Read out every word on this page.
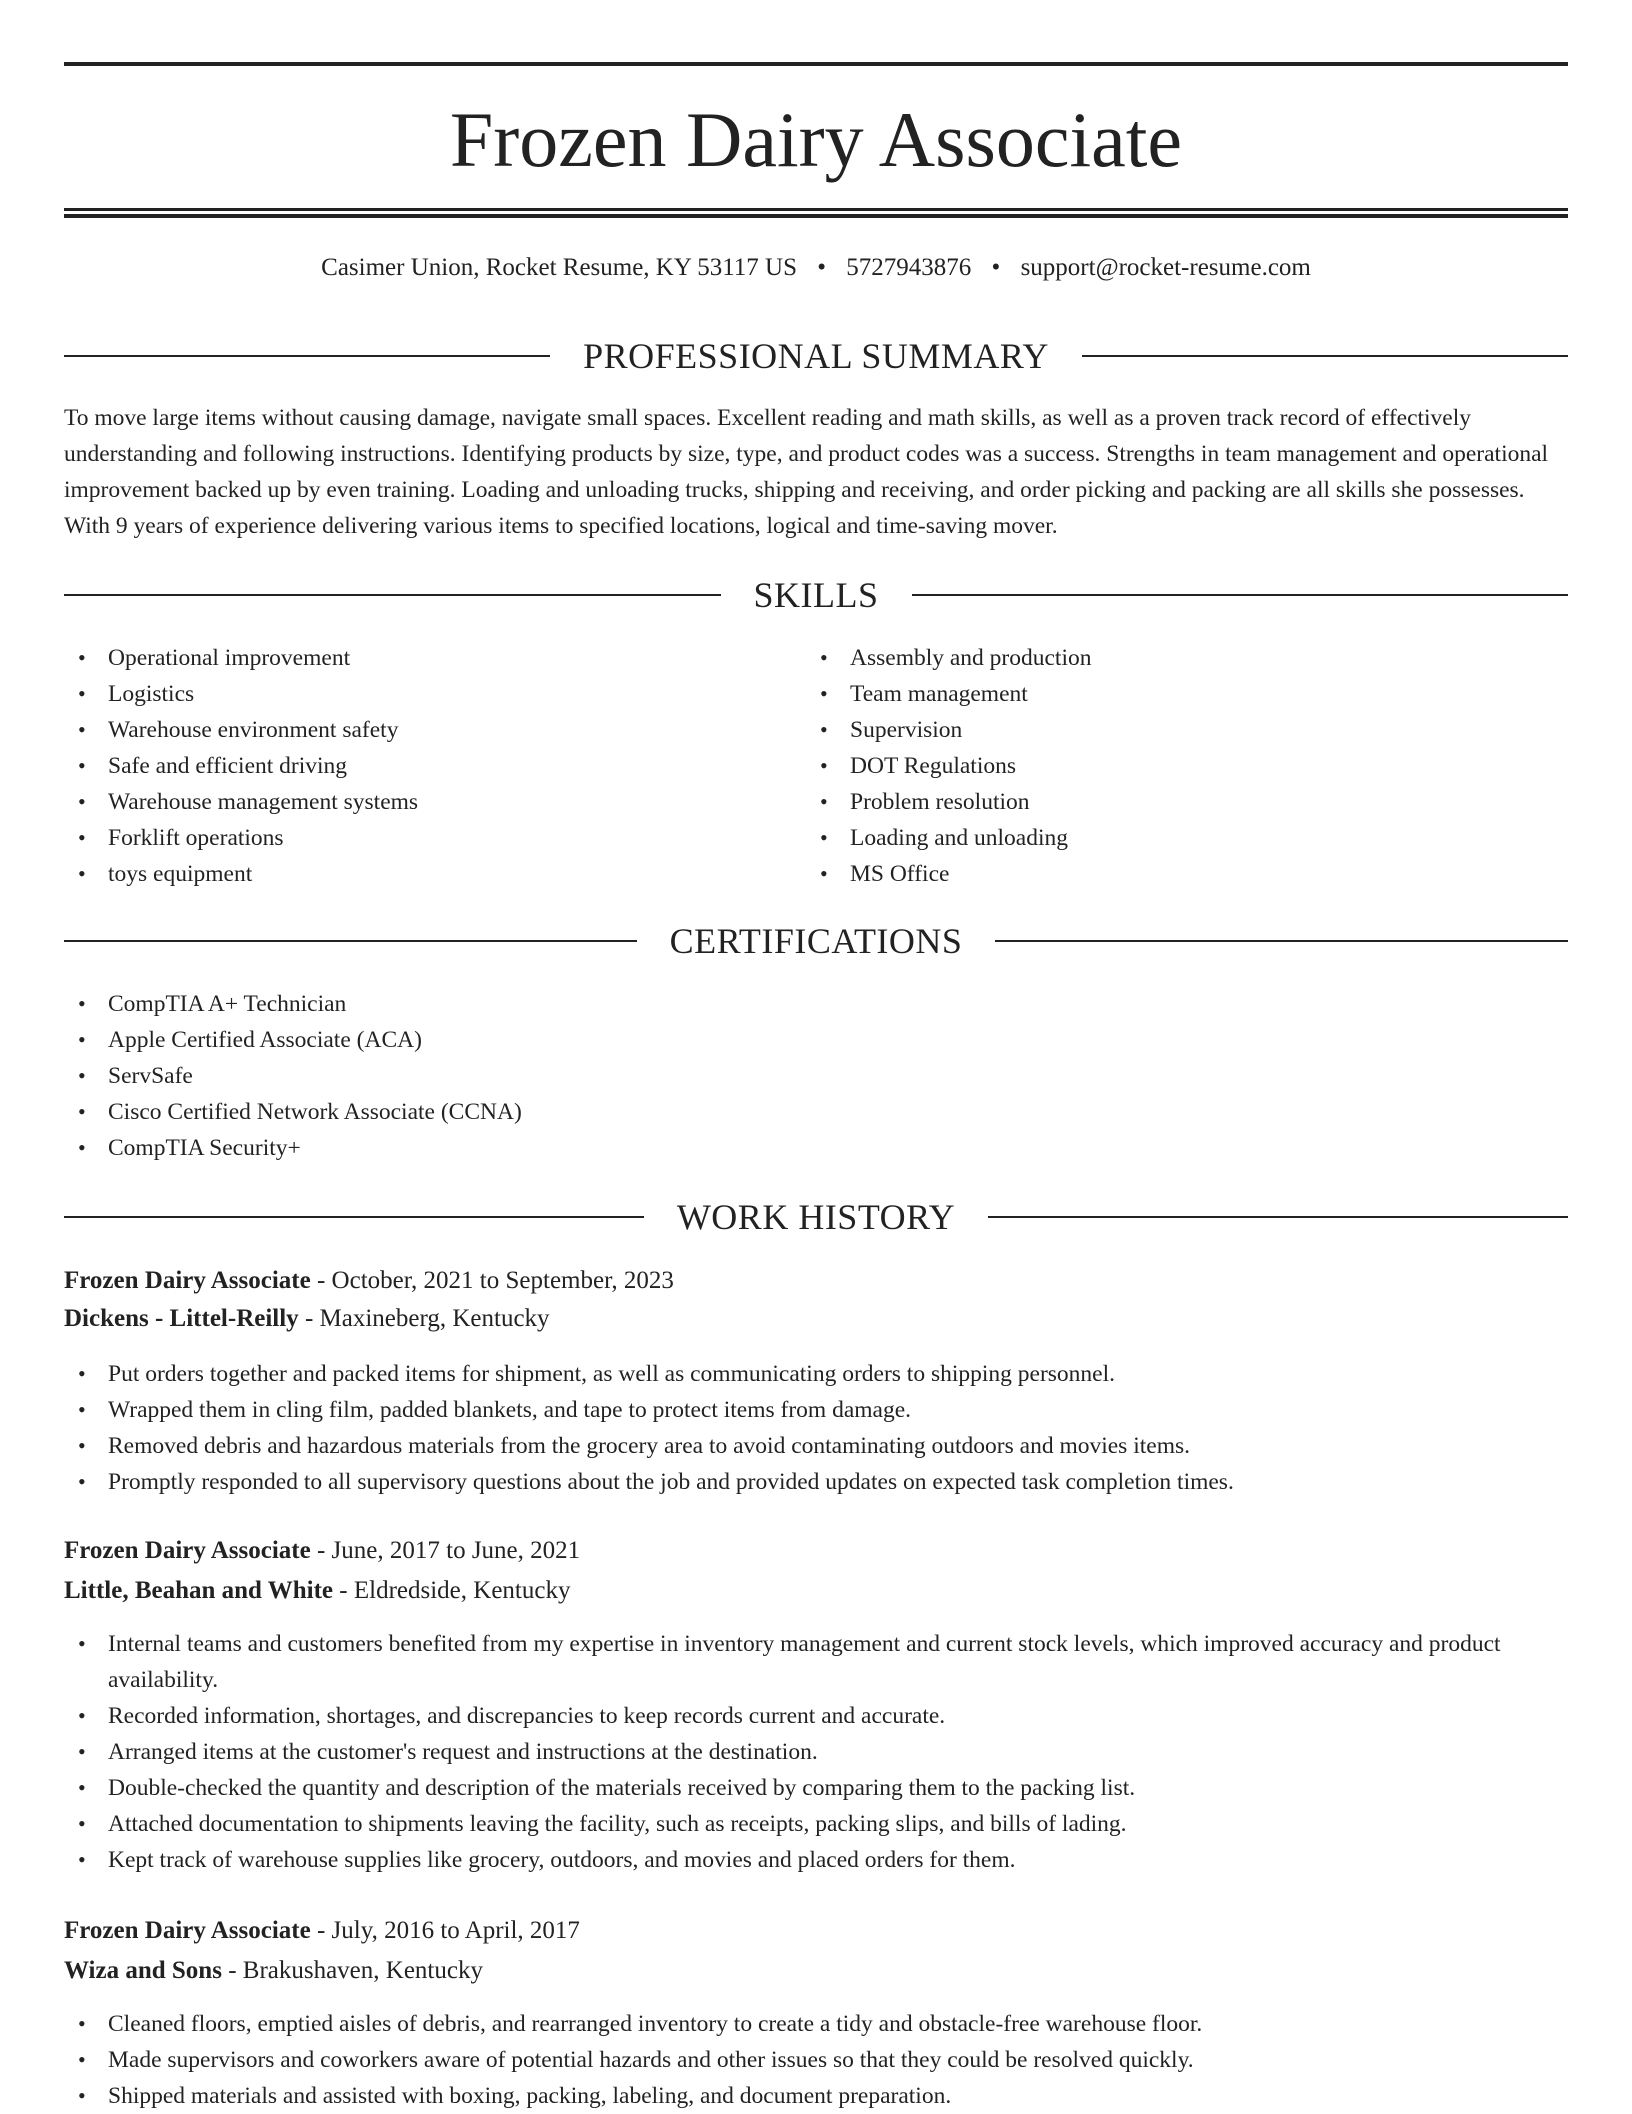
Frozen Dairy Associate
Casimer Union, Rocket Resume, KY 53117 US • 5727943876 • support@rocket-resume.com
PROFESSIONAL SUMMARY

To move large items without causing damage, navigate small spaces. Excellent reading and math skills, as well as a proven track record of effectively understanding and following instructions. Identifying products by size, type, and product codes was a success. Strengths in team management and operational improvement backed up by even training. Loading and unloading trucks, shipping and receiving, and order picking and packing are all skills she possesses. With 9 years of experience delivering various items to specified locations, logical and time-saving mover.

SKILLS
• Operational improvement
• Logistics
• Warehouse environment safety
• Safe and efficient driving
• Warehouse management systems
• Forklift operations
• toys equipment
• Assembly and production
• Team management
• Supervision
• DOT Regulations
• Problem resolution
• Loading and unloading
• MS Office
CERTIFICATIONS
• CompTIA A+ Technician
• Apple Certified Associate (ACA)
• ServSafe
• Cisco Certified Network Associate (CCNA)
• CompTIA Security+
WORK HISTORY
Frozen Dairy Associate - October, 2021 to September, 2023
Dickens - Littel-Reilly - Maxineberg, Kentucky
• Put orders together and packed items for shipment, as well as communicating orders to shipping personnel.
• Wrapped them in cling film, padded blankets, and tape to protect items from damage.
• Removed debris and hazardous materials from the grocery area to avoid contaminating outdoors and movies items.
• Promptly responded to all supervisory questions about the job and provided updates on expected task completion times.
Frozen Dairy Associate - June, 2017 to June, 2021
Little, Beahan and White - Eldredside, Kentucky
• Internal teams and customers benefited from my expertise in inventory management and current stock levels, which improved accuracy and product availability.
• Recorded information, shortages, and discrepancies to keep records current and accurate.
• Arranged items at the customer's request and instructions at the destination.
• Double-checked the quantity and description of the materials received by comparing them to the packing list.
• Attached documentation to shipments leaving the facility, such as receipts, packing slips, and bills of lading.
• Kept track of warehouse supplies like grocery, outdoors, and movies and placed orders for them.
Frozen Dairy Associate - July, 2016 to April, 2017
Wiza and Sons - Brakushaven, Kentucky
• Cleaned floors, emptied aisles of debris, and rearranged inventory to create a tidy and obstacle-free warehouse floor.
• Made supervisors and coworkers aware of potential hazards and other issues so that they could be resolved quickly.
• Shipped materials and assisted with boxing, packing, labeling, and document preparation.
